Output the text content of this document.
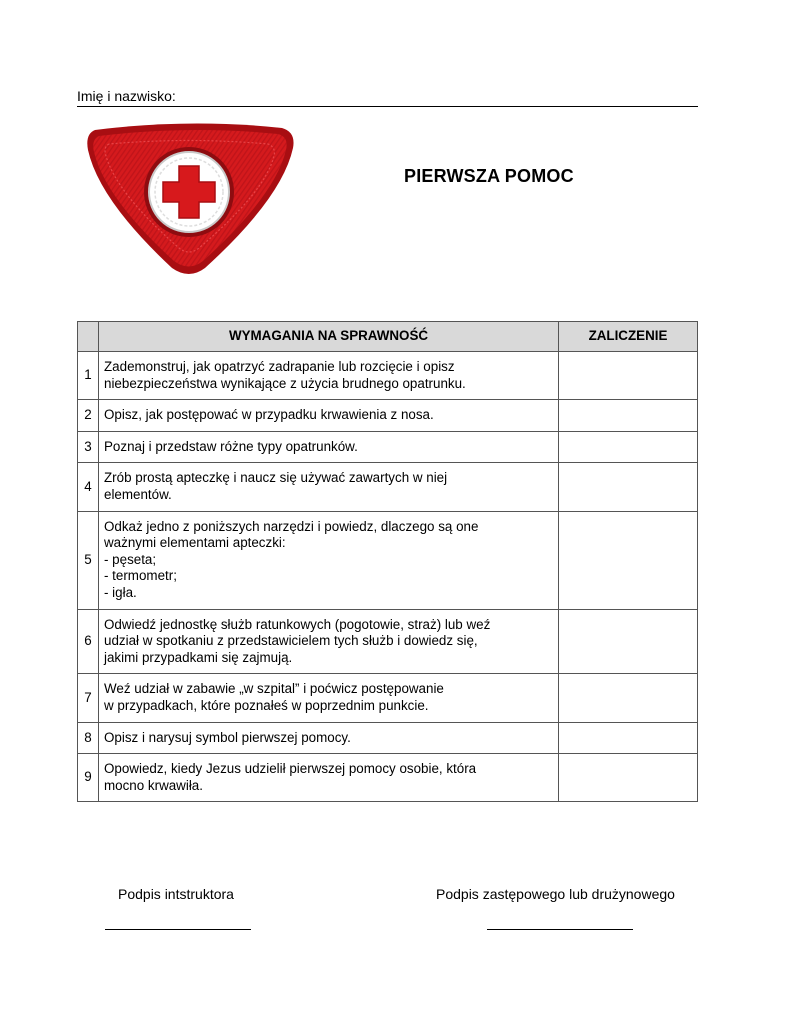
Imię i nazwisko:
PIERWSZA POMOC
	WYMAGANIA NA SPRAWNOŚĆ	ZALICZENIE
1	Zademonstruj, jak opatrzyć zadrapanie lub rozcięcie i opisz
niebezpieczeństwa wynikające z użycia brudnego opatrunku.	

2	Opisz, jak postępować w przypadku krwawienia z nosa.	

3	Poznaj i przedstaw różne typy opatrunków.	

4	Zrób prostą apteczkę i naucz się używać zawartych w niej
elementów.	

5	Odkaż jedno z poniższych narzędzi i powiedz, dlaczego są one
ważnymi elementami apteczki:
- pęseta;
- termometr;
- igła.	

6	Odwiedź jednostkę służb ratunkowych (pogotowie, straż) lub weź
udział w spotkaniu z przedstawicielem tych służb i dowiedz się,
jakimi przypadkami się zajmują.	

7	Weź udział w zabawie „w szpital” i poćwicz postępowanie
w przypadkach, które poznałeś w poprzednim punkcie.	

8	Opisz i narysuj symbol pierwszej pomocy.	

9	Opowiedz, kiedy Jezus udzielił pierwszej pomocy osobie, która
mocno krwawiła.	

Podpis intstruktora	Podpis zastępowego lub drużynowego
